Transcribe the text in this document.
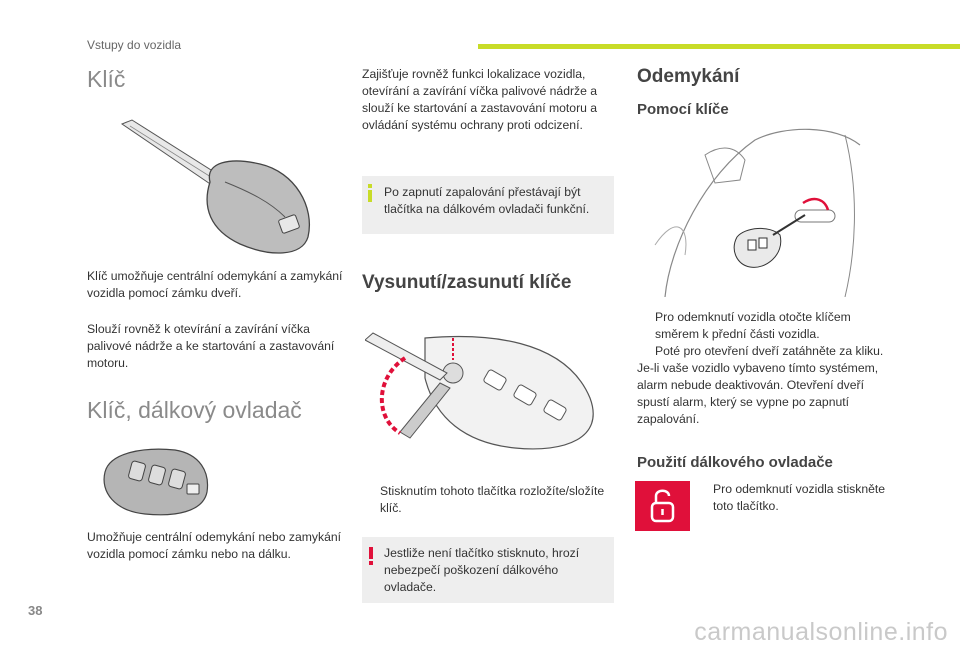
Vstupy do vozidla
Klíč
Klíč umožňuje centrální odemykání a zamykání vozidla pomocí zámku dveří.
Slouží rovněž k otevírání a zavírání víčka palivové nádrže a ke startování a zastavování motoru.
Klíč, dálkový ovladač
Umožňuje centrální odemykání nebo zamykání vozidla pomocí zámku nebo na dálku.
Zajišťuje rovněž funkci lokalizace vozidla, otevírání a zavírání víčka palivové nádrže a slouží ke startování a zastavování motoru a ovládání systému ochrany proti odcizení.
Po zapnutí zapalování přestávají být tlačítka na dálkovém ovladači funkční.
Vysunutí/zasunutí klíče
Stisknutím tohoto tlačítka rozložíte/složíte klíč.
Jestliže není tlačítko stisknuto, hrozí nebezpečí poškození dálkového ovladače.
Odemykání
Pomocí klíče
Pro odemknutí vozidla otočte klíčem směrem k přední části vozidla.
Poté pro otevření dveří zatáhněte za kliku.
Je-li vaše vozidlo vybaveno tímto systémem, alarm nebude deaktivován. Otevření dveří spustí alarm, který se vypne po zapnutí zapalování.
Použití dálkového ovladače
Pro odemknutí vozidla stiskněte toto tlačítko.
38
carmanualsonline.info
